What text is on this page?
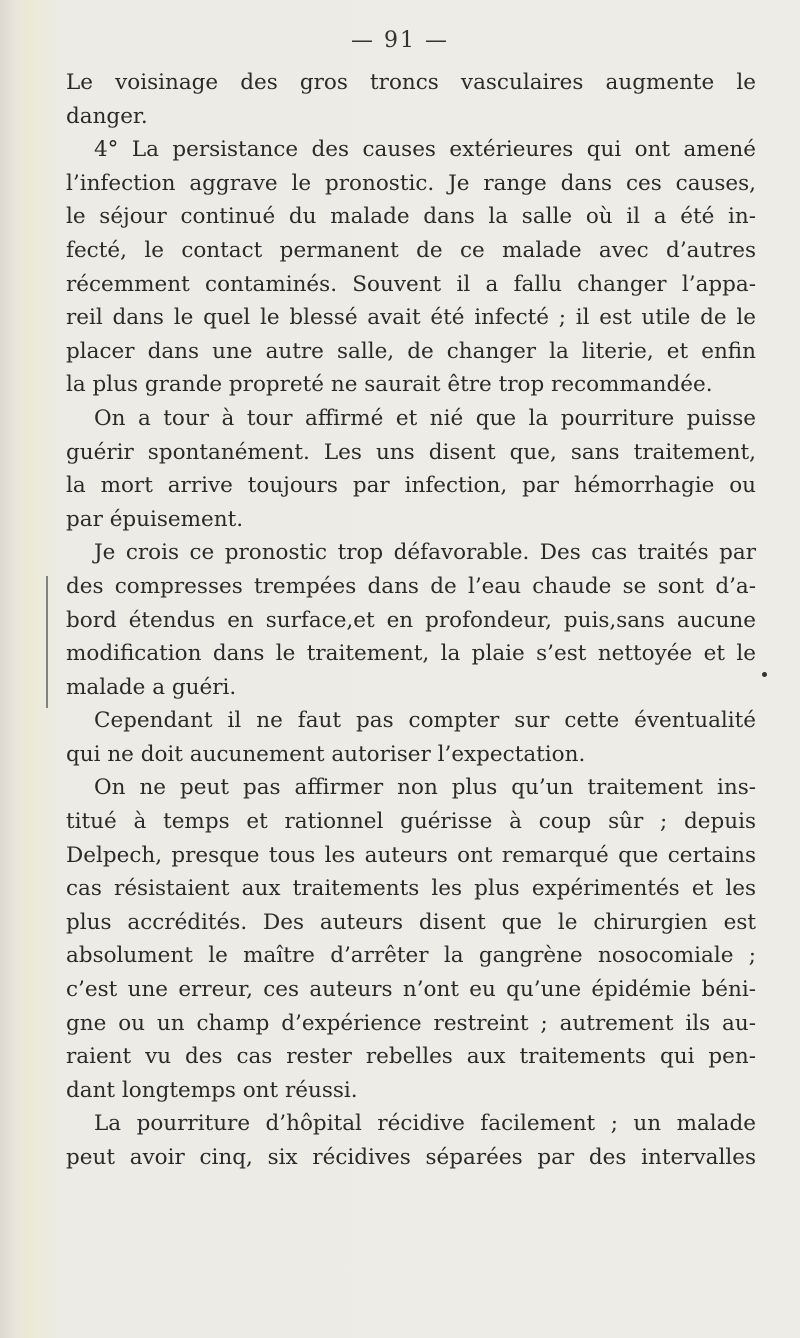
— 91 —

Le voisinage des gros troncs vasculaires augmente le
danger.

4° La persistance des causes extérieures qui ont amené
l’infection aggrave le pronostic. Je range dans ces causes,
le séjour continué du malade dans la salle où il a été in-
fecté, le contact permanent de ce malade avec d’autres
récemment contaminés. Souvent il a fallu changer l’appa-
reil dans le quel le blessé avait été infecté ; il est utile de le
placer dans une autre salle, de changer la literie, et enfin
la plus grande propreté ne saurait être trop recommandée.

On a tour à tour affirmé et nié que la pourriture puisse
guérir spontanément. Les uns disent que, sans traitement,
la mort arrive toujours par infection, par hémorrhagie ou
par épuisement.

Je crois ce pronostic trop défavorable. Des cas traités par
des compresses trempées dans de l’eau chaude se sont d’a-
bord étendus en surface,et en profondeur, puis,sans aucune
modification dans le traitement, la plaie s’est nettoyée et le
malade a guéri.

Cependant il ne faut pas compter sur cette éventualité
qui ne doit aucunement autoriser l’expectation.

On ne peut pas affirmer non plus qu’un traitement ins-
titué à temps et rationnel guérisse à coup sûr ; depuis
Delpech, presque tous les auteurs ont remarqué que certains
cas résistaient aux traitements les plus expérimentés et les
plus accrédités. Des auteurs disent que le chirurgien est
absolument le maître d’arrêter la gangrène nosocomiale ;
c’est une erreur, ces auteurs n’ont eu qu’une épidémie béni-
gne ou un champ d’expérience restreint ; autrement ils au-
raient vu des cas rester rebelles aux traitements qui pen-
dant longtemps ont réussi.

La pourriture d’hôpital récidive facilement ; un malade
peut avoir cinq, six récidives séparées par des intervalles
